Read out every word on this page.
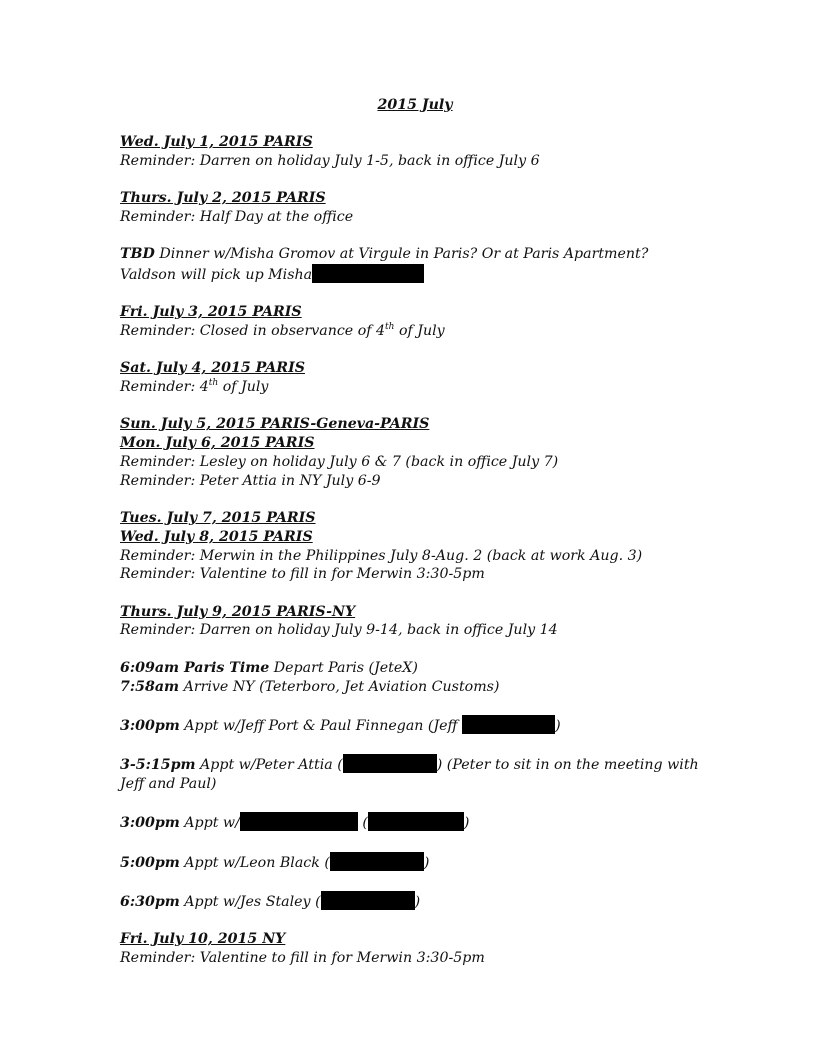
2015 July
Wed. July 1, 2015 PARIS
Reminder: Darren on holiday July 1-5, back in office July 6
Thurs. July 2, 2015 PARIS
Reminder: Half Day at the office
TBD Dinner w/Misha Gromov at Virgule in Paris? Or at Paris Apartment?
Valdson will pick up Misha
Fri. July 3, 2015 PARIS
Reminder: Closed in observance of 4th of July
Sat. July 4, 2015 PARIS
Reminder: 4th of July
Sun. July 5, 2015 PARIS-Geneva-PARIS
Mon. July 6, 2015 PARIS
Reminder: Lesley on holiday July 6 & 7 (back in office July 7)
Reminder: Peter Attia in NY July 6-9
Tues. July 7, 2015 PARIS
Wed. July 8, 2015 PARIS
Reminder: Merwin in the Philippines July 8-Aug. 2 (back at work Aug. 3)
Reminder: Valentine to fill in for Merwin 3:30-5pm
Thurs. July 9, 2015 PARIS-NY
Reminder: Darren on holiday July 9-14, back in office July 14
6:09am Paris Time Depart Paris (JeteX)
7:58am Arrive NY (Teterboro, Jet Aviation Customs)
3:00pm Appt w/Jeff Port & Paul Finnegan (Jeff	)
3-5:15pm Appt w/Peter Attia (	) (Peter to sit in on the meeting with Jeff and Paul)
3:00pm Appt w/	(	)
5:00pm Appt w/Leon Black (	)
6:30pm Appt w/Jes Staley (	)
Fri. July 10, 2015 NY
Reminder: Valentine to fill in for Merwin 3:30-5pm
